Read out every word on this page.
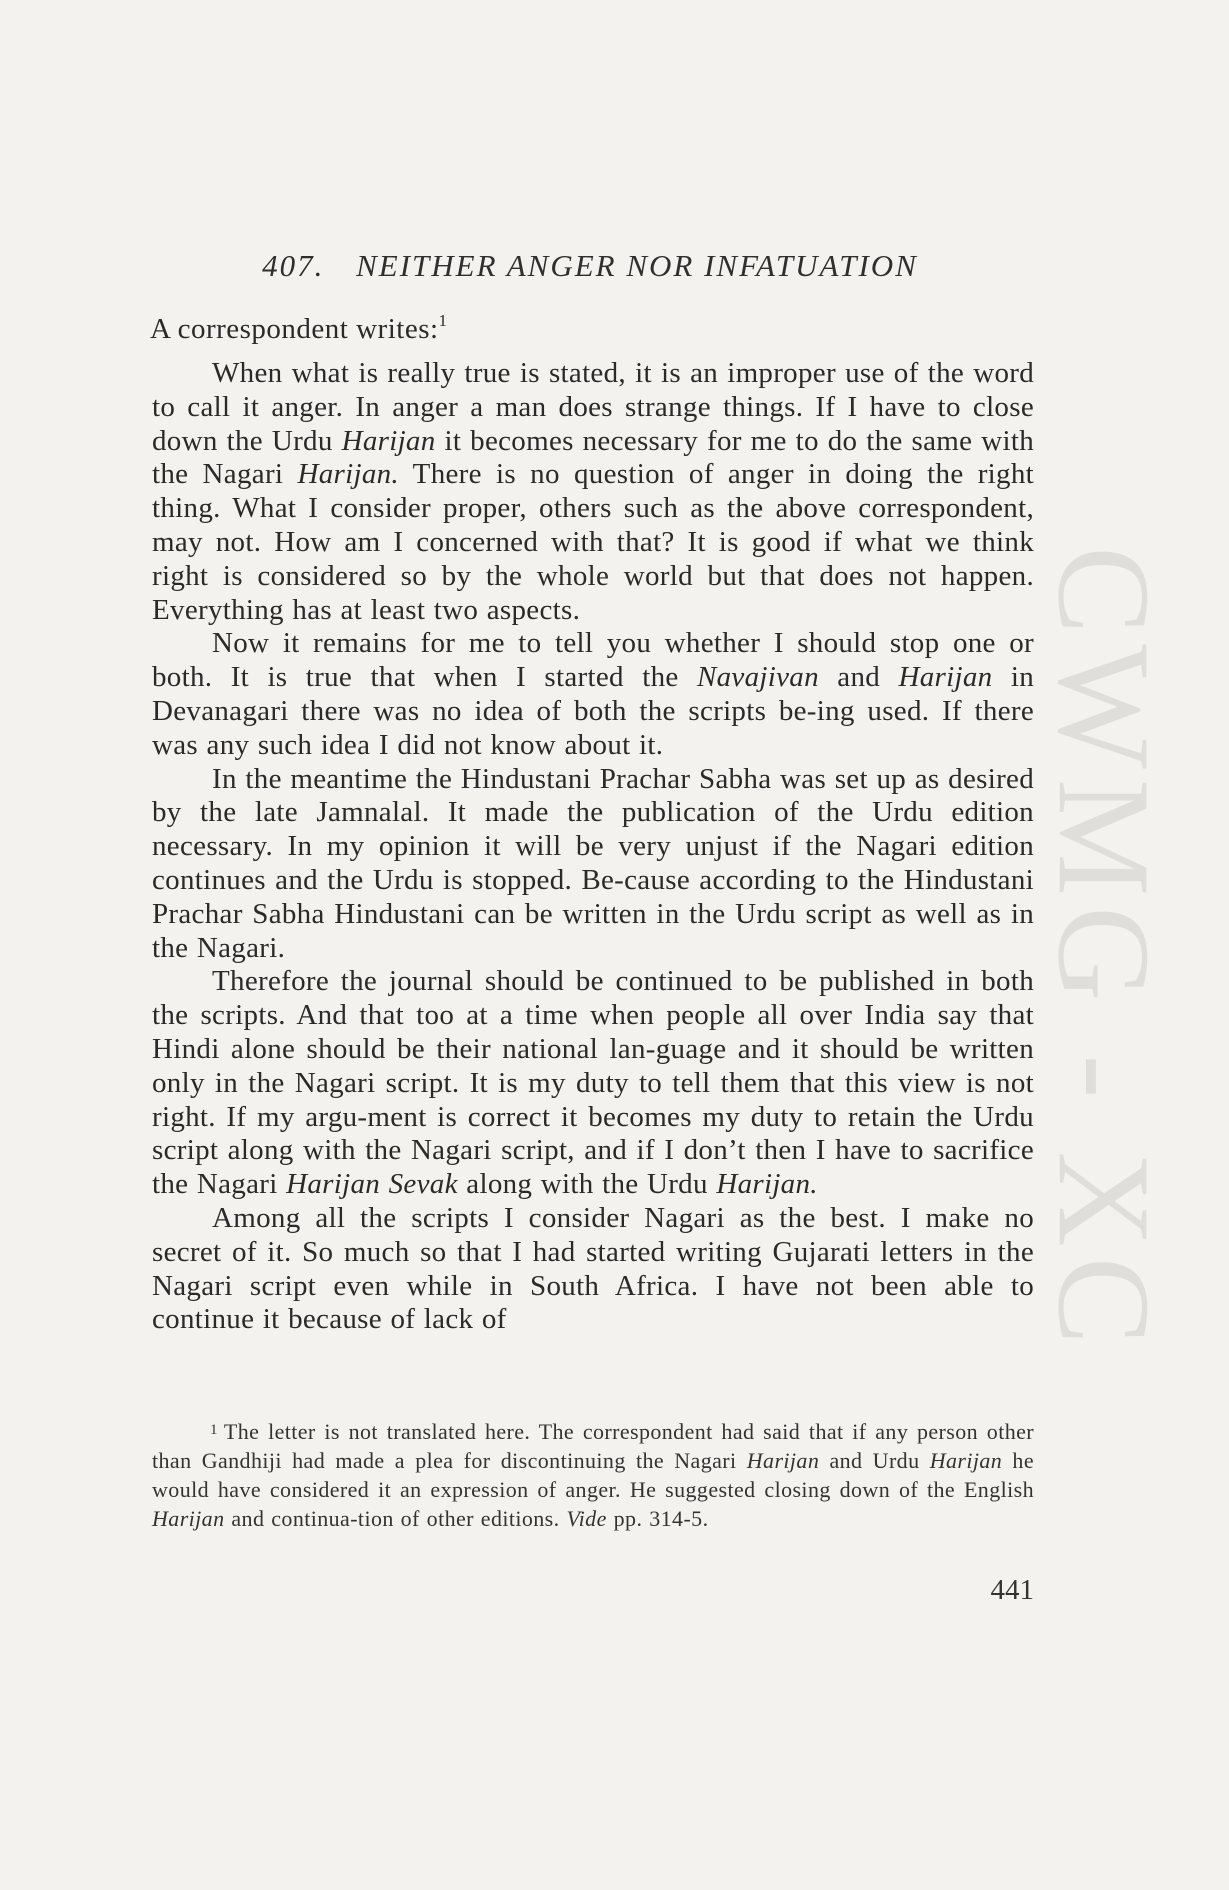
407. NEITHER ANGER NOR INFATUATION
A correspondent writes:$^1$

When what is really true is stated, it is an improper use of the word to call it anger. In anger a man does strange things. If I have to close down the Urdu Harijan it becomes necessary for me to do the same with the Nagari Harijan. There is no question of anger in doing the right thing. What I consider proper, others such as the above correspondent, may not. How am I concerned with that? It is good if what we think right is considered so by the whole world but that does not happen. Everything has at least two aspects.

Now it remains for me to tell you whether I should stop one or both. It is true that when I started the Navajivan and Harijan in Devanagari there was no idea of both the scripts be-ing used. If there was any such idea I did not know about it.

In the meantime the Hindustani Prachar Sabha was set up as desired by the late Jamnalal. It made the publication of the Urdu edition necessary. In my opinion it will be very unjust if the Nagari edition continues and the Urdu is stopped. Be-cause according to the Hindustani Prachar Sabha Hindustani can be written in the Urdu script as well as in the Nagari.

Therefore the journal should be continued to be published in both the scripts. And that too at a time when people all over India say that Hindi alone should be their national lan-guage and it should be written only in the Nagari script. It is my duty to tell them that this view is not right. If my argu-ment is correct it becomes my duty to retain the Urdu script along with the Nagari script, and if I don’t then I have to sacrifice the Nagari Harijan Sevak along with the Urdu Harijan.

Among all the scripts I consider Nagari as the best. I make no secret of it. So much so that I had started writing Gujarati letters in the Nagari script even while in South Africa. I have not been able to continue it because of lack of

$^1$ The letter is not translated here. The correspondent had said that if any person other than Gandhiji had made a plea for discontinuing the Nagari Harijan and Urdu Harijan he would have considered it an expression of anger. He suggested closing down of the English Harijan and continua-tion of other editions. Vide pp. 314-5.

441
CWMG - XC
